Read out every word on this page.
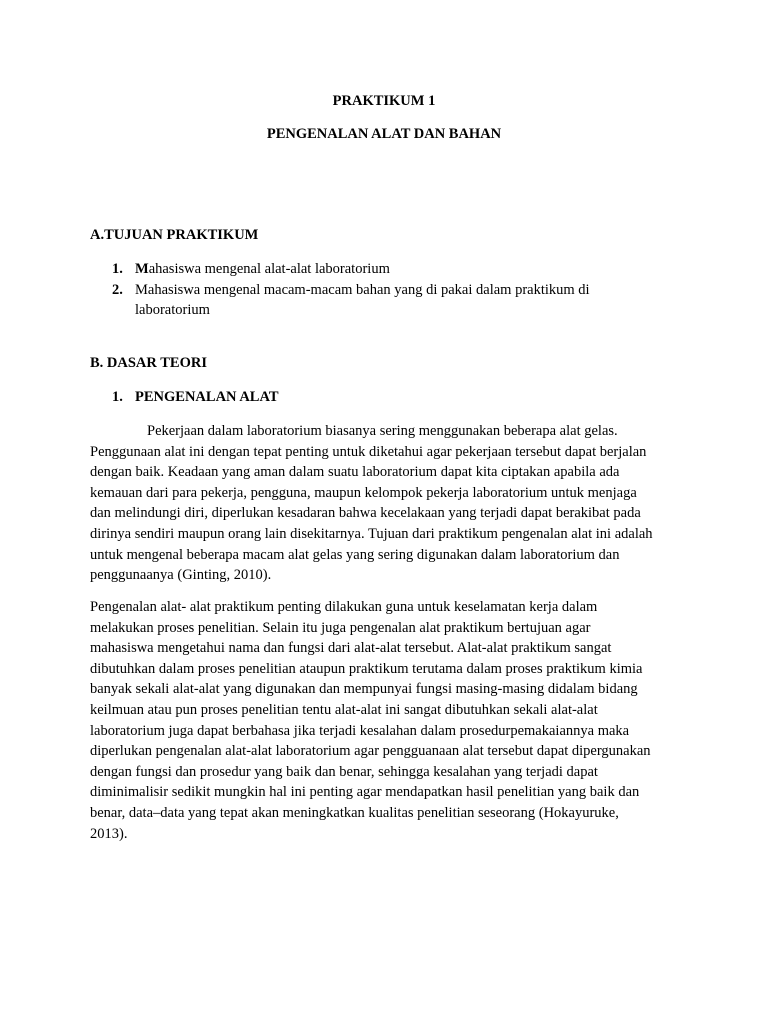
PRAKTIKUM 1
PENGENALAN ALAT DAN BAHAN
A.TUJUAN PRAKTIKUM
1. Mahasiswa mengenal alat-alat laboratorium
2. Mahasiswa mengenal macam-macam bahan yang di pakai dalam praktikum di
laboratorium
B. DASAR TEORI
1. PENGENALAN ALAT

Pekerjaan dalam laboratorium biasanya sering menggunakan beberapa alat gelas.
Penggunaan alat ini dengan tepat penting untuk diketahui agar pekerjaan tersebut dapat berjalan
dengan baik. Keadaan yang aman dalam suatu laboratorium dapat kita ciptakan apabila ada
kemauan dari para pekerja, pengguna, maupun kelompok pekerja laboratorium untuk menjaga
dan melindungi diri, diperlukan kesadaran bahwa kecelakaan yang terjadi dapat berakibat pada
dirinya sendiri maupun orang lain disekitarnya. Tujuan dari praktikum pengenalan alat ini adalah
untuk mengenal beberapa macam alat gelas yang sering digunakan dalam laboratorium dan
penggunaanya (Ginting, 2010).

Pengenalan alat- alat praktikum penting dilakukan guna untuk keselamatan kerja dalam
melakukan proses penelitian. Selain itu juga pengenalan alat praktikum bertujuan agar
mahasiswa mengetahui nama dan fungsi dari alat-alat tersebut. Alat-alat praktikum sangat
dibutuhkan dalam proses penelitian ataupun praktikum terutama dalam proses praktikum kimia
banyak sekali alat-alat yang digunakan dan mempunyai fungsi masing-masing didalam bidang
keilmuan atau pun proses penelitian tentu alat-alat ini sangat dibutuhkan sekali alat-alat
laboratorium juga dapat berbahasa jika terjadi kesalahan dalam prosedurpemakaiannya maka
diperlukan pengenalan alat-alat laboratorium agar pengguanaan alat tersebut dapat dipergunakan
dengan fungsi dan prosedur yang baik dan benar, sehingga kesalahan yang terjadi dapat
diminimalisir sedikit mungkin hal ini penting agar mendapatkan hasil penelitian yang baik dan
benar, data–data yang tepat akan meningkatkan kualitas penelitian seseorang (Hokayuruke,
2013).
